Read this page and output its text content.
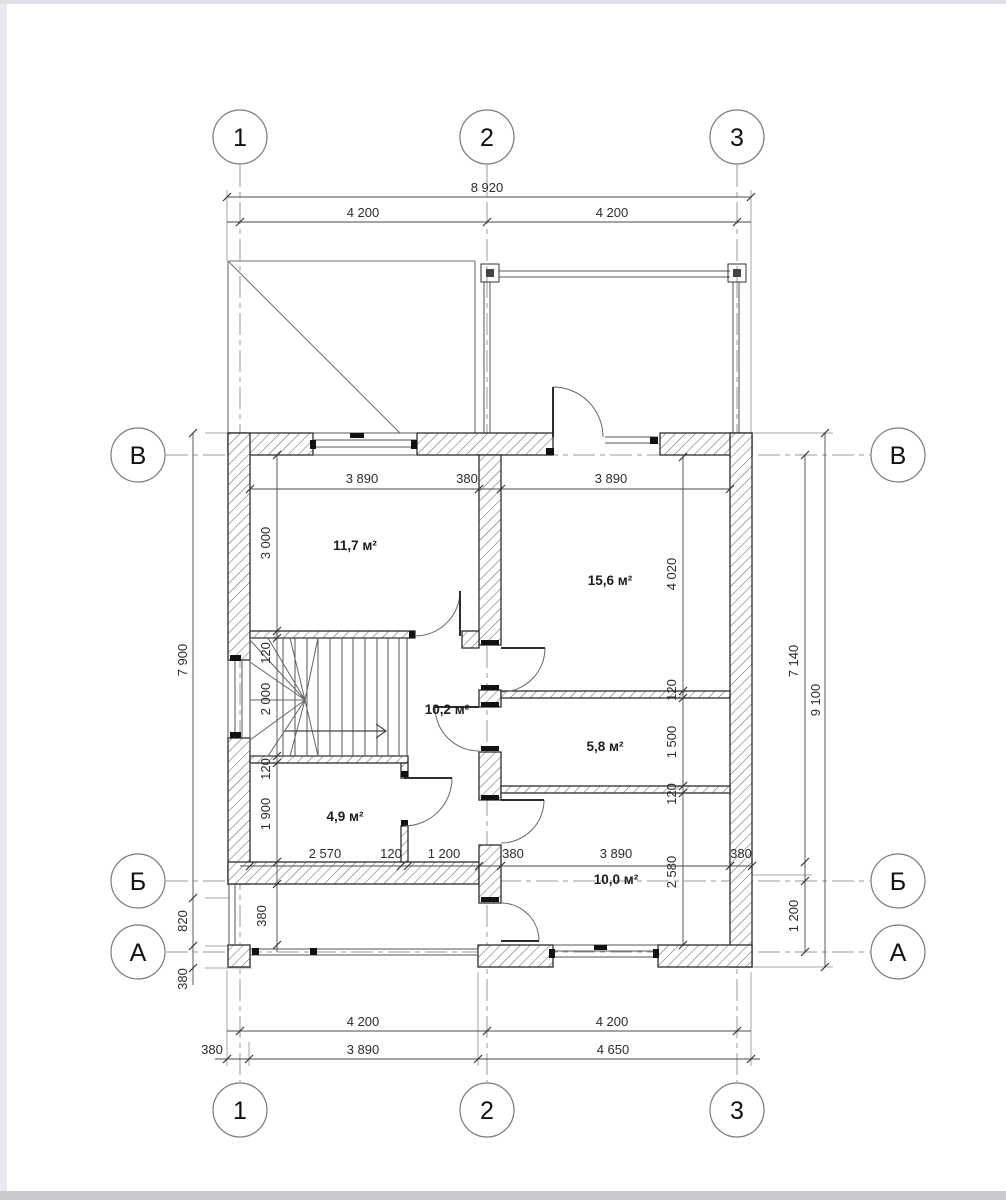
8 920
4 200	4 200
4 200	4 200
380	3 890	4 650
7 900
820
380
3 000
120
2 000
120
1 900
380
3 890	380	3 890
4 020
120
1 500
120
2 580
7 140
9 100
1 200
2 570	120 1 200	380	3 890	380
11,7 м²
15,6 м²
10,2 м²
5,8 м²
4,9 м²
10,0 м²
1	2	3
1	2	3
В
Б
А
В
Б
А
